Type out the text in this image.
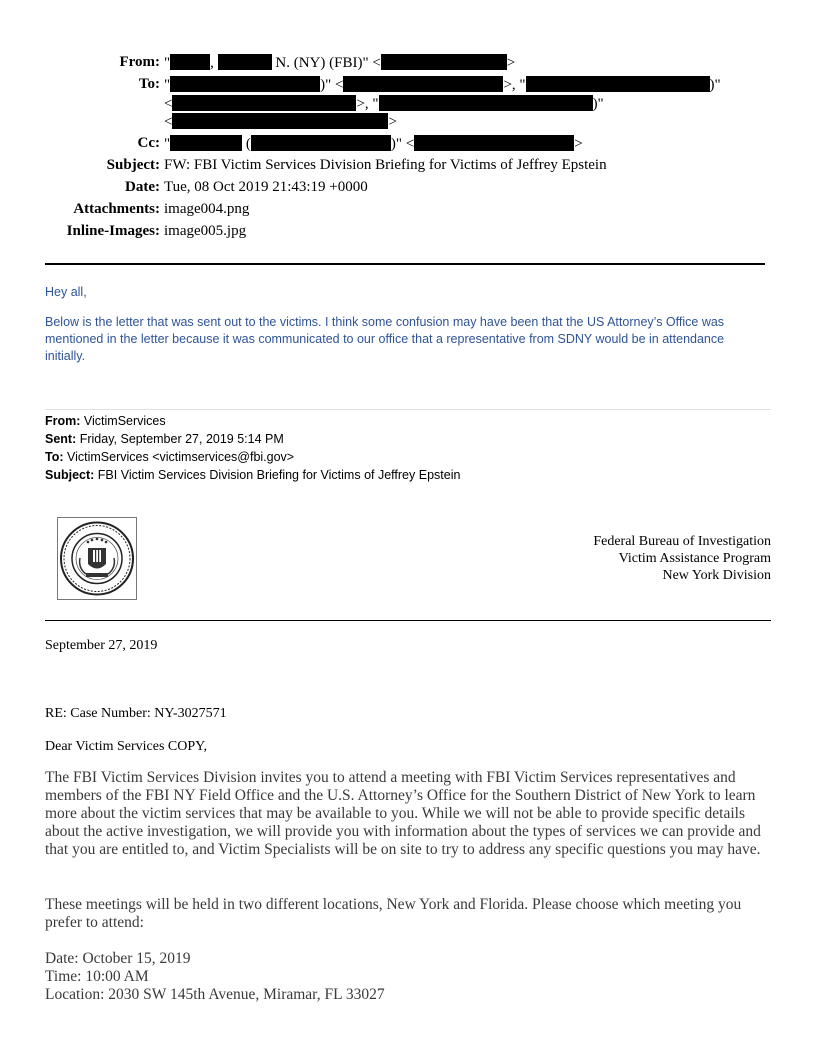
From: "	,	N. (NY) (FBI)" <	>
To: "	)" <	>, "	)"
<	>, "	)"
<	>
Cc: "	(	)" <	>
Subject: FW: FBI Victim Services Division Briefing for Victims of Jeffrey Epstein
Date: Tue, 08 Oct 2019 21:43:19 +0000
Attachments: image004.png
Inline-Images: image005.jpg
Hey all,
Below is the letter that was sent out to the victims. I think some confusion may have been that the US Attorney’s Office was mentioned in the letter because it was communicated to our office that a representative from SDNY would be in attendance initially.
From: VictimServices
Sent: Friday, September 27, 2019 5:14 PM
To: VictimServices <victimservices@fbi.gov>
Subject: FBI Victim Services Division Briefing for Victims of Jeffrey Epstein
Federal Bureau of Investigation
Victim Assistance Program
New York Division
September 27, 2019
RE: Case Number: NY-3027571
Dear Victim Services COPY,
The FBI Victim Services Division invites you to attend a meeting with FBI Victim Services representatives and members of the FBI NY Field Office and the U.S. Attorney’s Office for the Southern District of New York to learn more about the victim services that may be available to you. While we will not be able to provide specific details about the active investigation, we will provide you with information about the types of services we can provide and that you are entitled to, and Victim Specialists will be on site to try to address any specific questions you may have.
These meetings will be held in two different locations, New York and Florida. Please choose which meeting you prefer to attend:
Date: October 15, 2019
Time: 10:00 AM
Location: 2030 SW 145th Avenue, Miramar, FL 33027
